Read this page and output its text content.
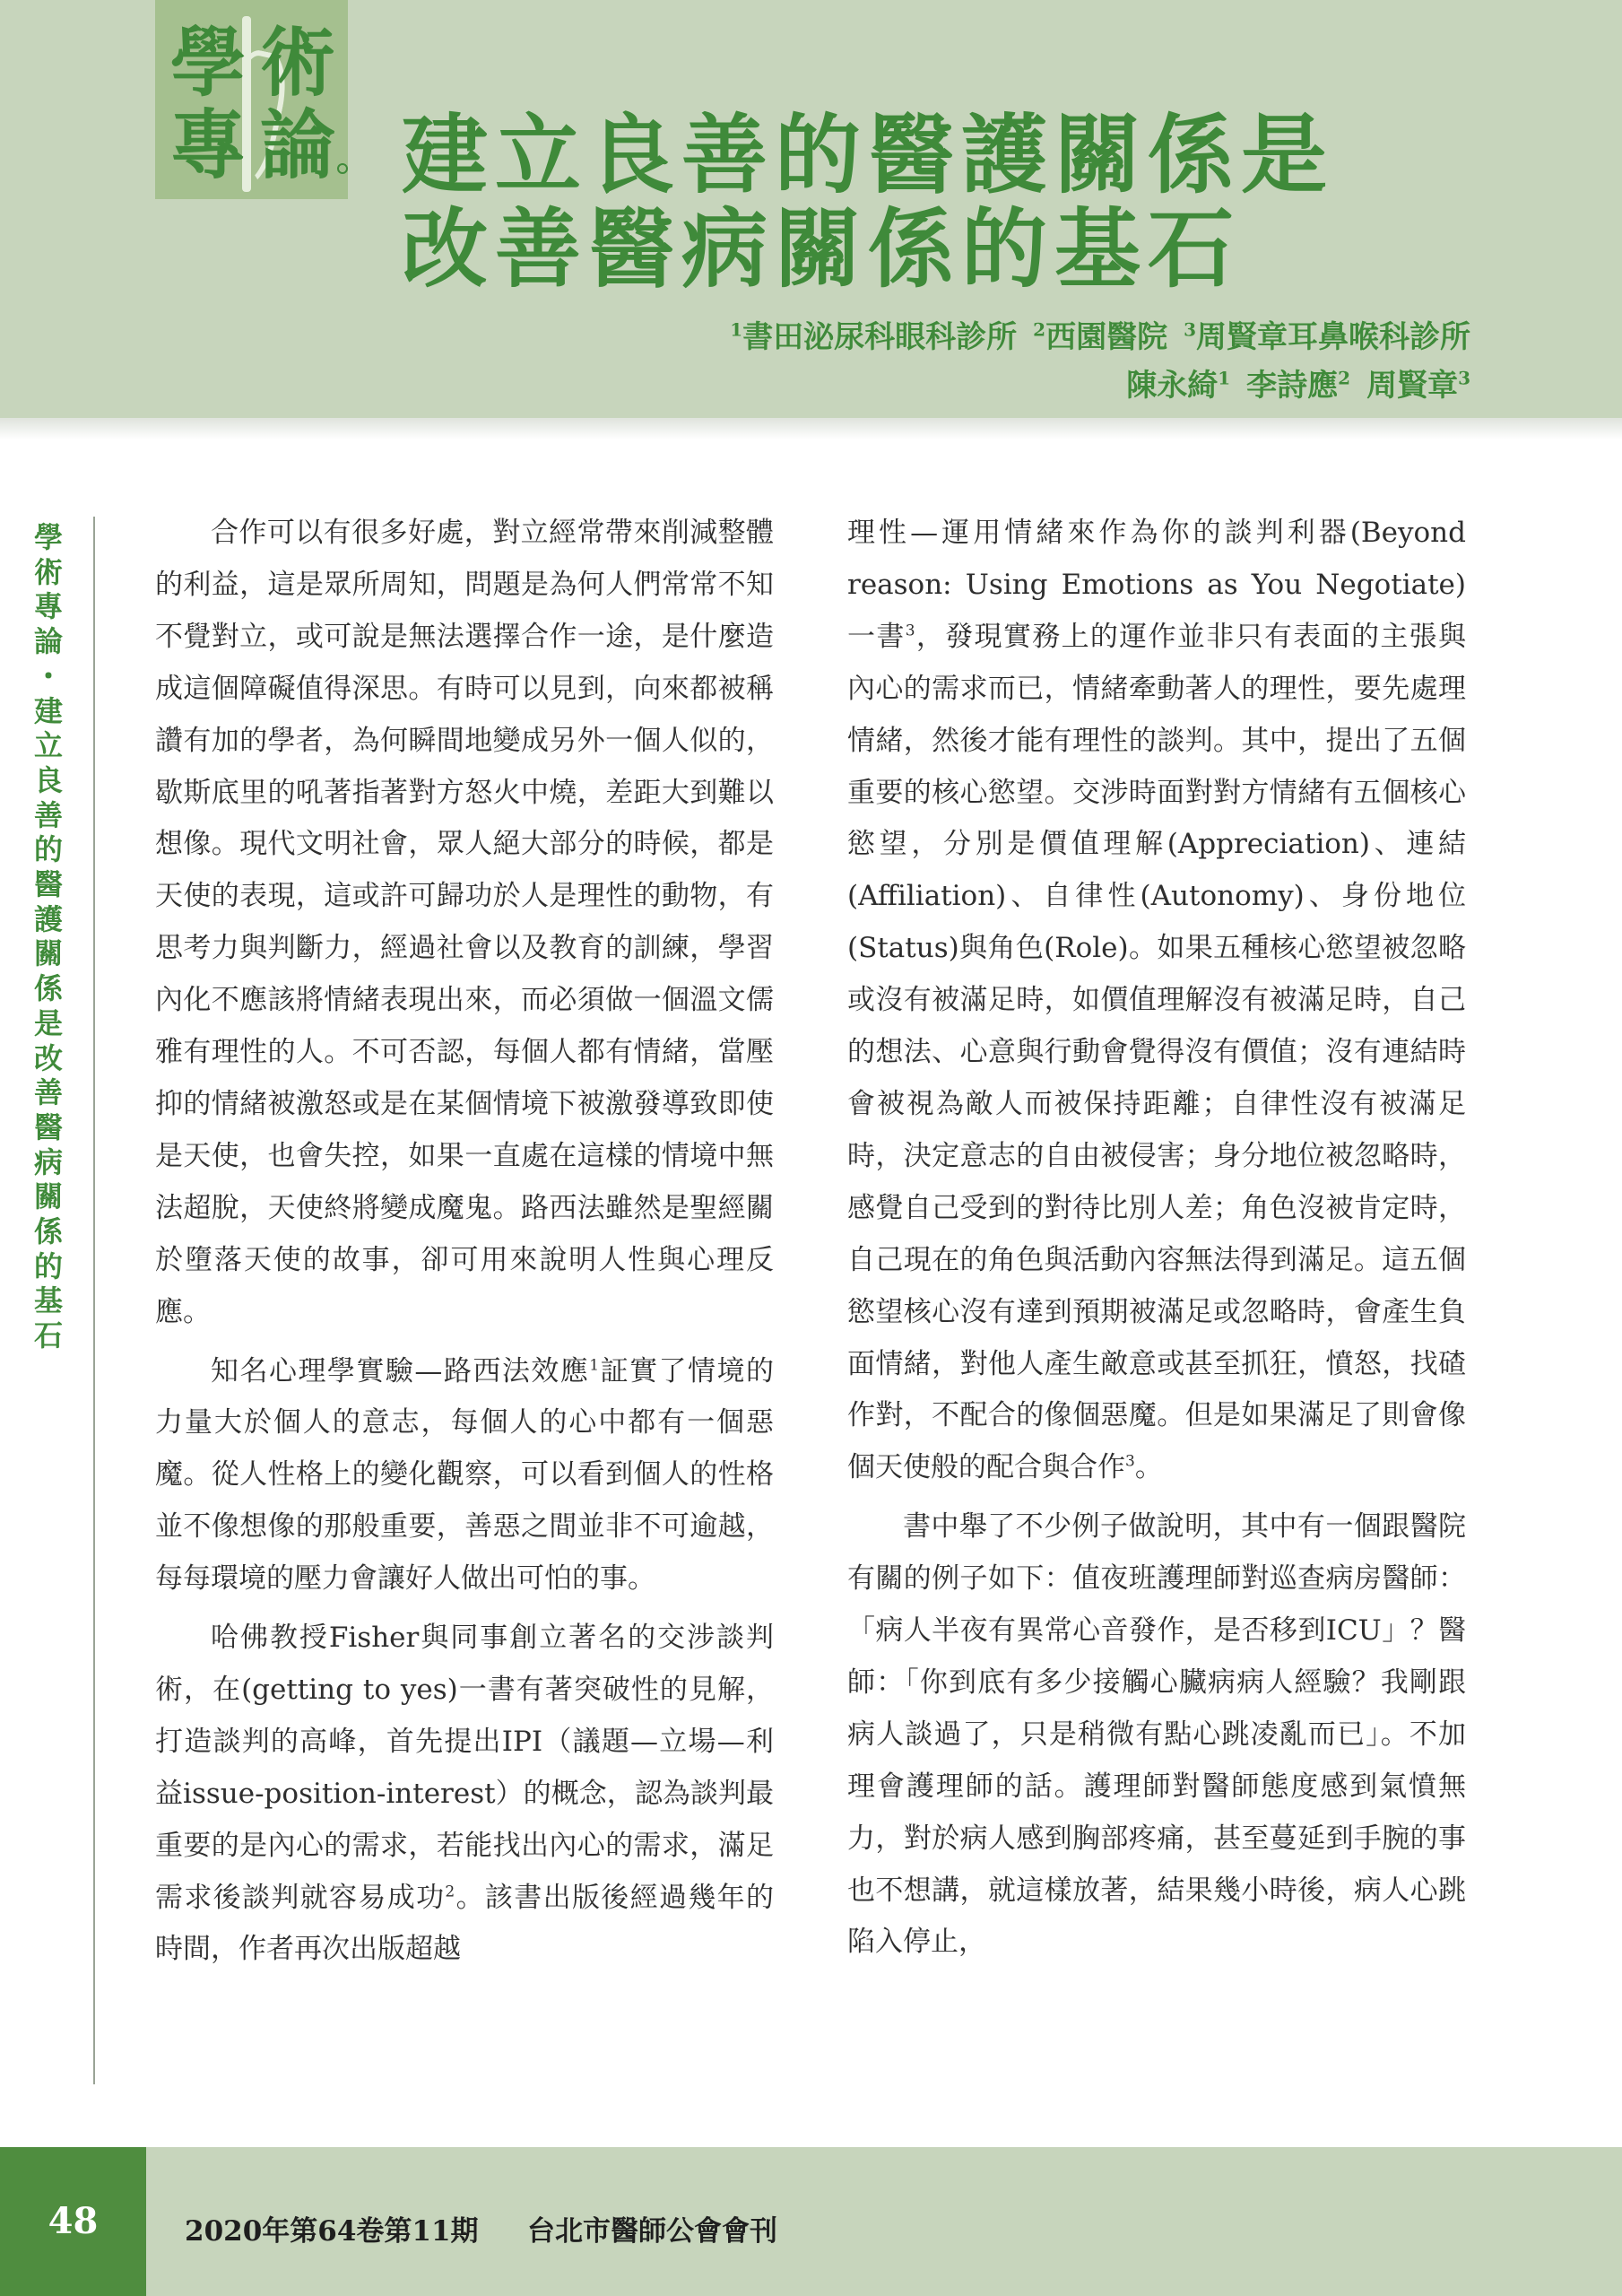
學 術
專 論 建立良善的醫護關係是
改善醫病關係的基石
$^1$書田泌尿科眼科診所 $^2$西園醫院 $^3$周賢章耳鼻喉科診所
陳永綺$^1$ 李詩應$^2$ 周賢章$^3$
學
術
專
論
・
建
立
良
善
的
醫
護
關
係
是
改
善
醫
病
關
係
的
基
石

合作可以有很多好處，對立經常帶來削減整體的利益，這是眾所周知，問題是為何人們常常不知不覺對立，或可說是無法選擇合作一途，是什麼造成這個障礙值得深思。有時可以見到，向來都被稱讚有加的學者，為何瞬間地變成另外一個人似的，歇斯底里的吼著指著對方怒火中燒，差距大到難以想像。現代文明社會，眾人絕大部分的時候，都是天使的表現，這或許可歸功於人是理性的動物，有思考力與判斷力，經過社會以及教育的訓練，學習內化不應該將情緒表現出來，而必須做一個溫文儒雅有理性的人。不可否認，每個人都有情緒，當壓抑的情緒被激怒或是在某個情境下被激發導致即使是天使，也會失控，如果一直處在這樣的情境中無法超脫，天使終將變成魔鬼。路西法雖然是聖經關於墮落天使的故事，卻可用來說明人性與心理反應。

知名心理學實驗—路西法效應$^1$証實了情境的力量大於個人的意志，每個人的心中都有一個惡魔。從人性格上的變化觀察，可以看到個人的性格並不像想像的那般重要，善惡之間並非不可逾越，每每環境的壓力會讓好人做出可怕的事。

哈佛教授Fisher與同事創立著名的交涉談判術，在(getting to yes)一書有著突破性的見解，打造談判的高峰，首先提出IPI（議題—立場—利益issue-position-interest）的概念，認為談判最重要的是內心的需求，若能找出內心的需求，滿足需求後談判就容易成功$^2$。該書出版後經過幾年的時間，作者再次出版超越

理性—運用情緒來作為你的談判利器(Beyond reason: Using Emotions as You Negotiate)一書$^3$，發現實務上的運作並非只有表面的主張與內心的需求而已，情緒牽動著人的理性，要先處理情緒，然後才能有理性的談判。其中，提出了五個重要的核心慾望。交涉時面對對方情緒有五個核心慾望，分別是價值理解(Appreciation)、連結(Affiliation)、自律性(Autonomy)、身份地位(Status)與角色(Role)。如果五種核心慾望被忽略或沒有被滿足時，如價值理解沒有被滿足時，自己的想法、心意與行動會覺得沒有價值；沒有連結時會被視為敵人而被保持距離；自律性沒有被滿足時，決定意志的自由被侵害；身分地位被忽略時，感覺自己受到的對待比別人差；角色沒被肯定時，自己現在的角色與活動內容無法得到滿足。這五個慾望核心沒有達到預期被滿足或忽略時，會產生負面情緒，對他人產生敵意或甚至抓狂，憤怒，找碴作對，不配合的像個惡魔。但是如果滿足了則會像個天使般的配合與合作$^3$。

書中舉了不少例子做說明，其中有一個跟醫院有關的例子如下：值夜班護理師對巡查病房醫師：「病人半夜有異常心音發作，是否移到ICU」？醫師：「你到底有多少接觸心臟病病人經驗？我剛跟病人談過了，只是稍微有點心跳凌亂而已」。不加理會護理師的話。護理師對醫師態度感到氣憤無力，對於病人感到胸部疼痛，甚至蔓延到手腕的事也不想講，就這樣放著，結果幾小時後，病人心跳陷入停止，

48	2020年第64卷第11期 台北市醫師公會會刊
